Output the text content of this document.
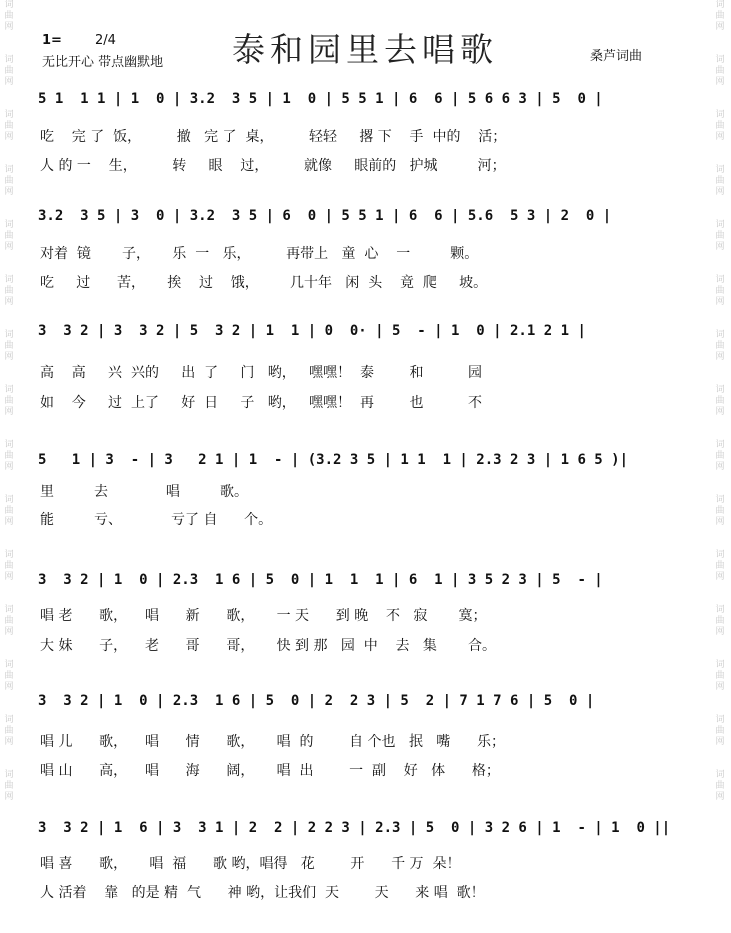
词曲网
词曲网
词曲网
词曲网
词曲网
词曲网
词曲网
词曲网
词曲网
词曲网
词曲网
词曲网
词曲网
词曲网
词曲网
词曲网
词曲网
词曲网
词曲网
词曲网
词曲网
词曲网
词曲网
词曲网
词曲网
词曲网
词曲网
词曲网
词曲网
词曲网
1=	2/4
无比开心 带点幽默地 泰和园里去唱歌	桑芦词曲
5 1  1 1 | 1  0 | 3.2  3 5 | 1  0 | 5 5 1 | 6  6 | 5 6 6 3 | 5  0 |
吃    完 了  饭，        撤   完 了  桌，        轻轻     撂 下    手  中的    活；
人 的 一    生，        转     眼    过，        就像     眼前的   护城         河；
3.2  3 5 | 3  0 | 3.2  3 5 | 6  0 | 5 5 1 | 6  6 | 5.6  5 3 | 2  0 |
对着  镜       子，     乐  一   乐，        再带上   童  心    一         颗。
吃     过      苦，     挨    过    饿，       几十年   闲  头    竟  爬     坡。
3  3 2 | 3  3 2 | 5  3 2 | 1  1 | 0  0· | 5  - | 1  0 | 2.1 2 1 |
高    高     兴  兴的     出  了     门   哟，   嘿嘿！  泰        和          园
如    今     过  上了     好  日     子   哟，   嘿嘿！  再        也          不
5   1 | 3  - | 3   2 1 | 1  - | (3.2 3 5 | 1 1  1 | 2.3 2 3 | 1 6 5 )|
里         去             唱         歌。
能         亏、           亏了 自      个。
3  3 2 | 1  0 | 2.3  1 6 | 5  0 | 1  1  1 | 6  1 | 3 5 2 3 | 5  - |
唱 老      歌，    唱      新      歌，     一 天      到 晚    不   寂       寞；
大 妹      子，    老      哥      哥，     快 到 那   园  中    去   集       合。
3  3 2 | 1  0 | 2.3  1 6 | 5  0 | 2  2 3 | 5  2 | 7 1 7 6 | 5  0 |
唱 儿      歌，    唱      情      歌，     唱  的        自 个也   抿   嘴      乐；
唱 山      高，    唱      海      阔，     唱  出        一  副    好   体      格；
3  3 2 | 1  6 | 3  3 1 | 2  2 | 2 2 3 | 2.3 | 5  0 | 3 2 6 | 1  - | 1  0 ||
唱 喜      歌，     唱  福      歌 哟，唱得   花        开      千 万  朵！
人 活着    靠   的是 精  气      神 哟，让我们  天        天      来 唱  歌！
